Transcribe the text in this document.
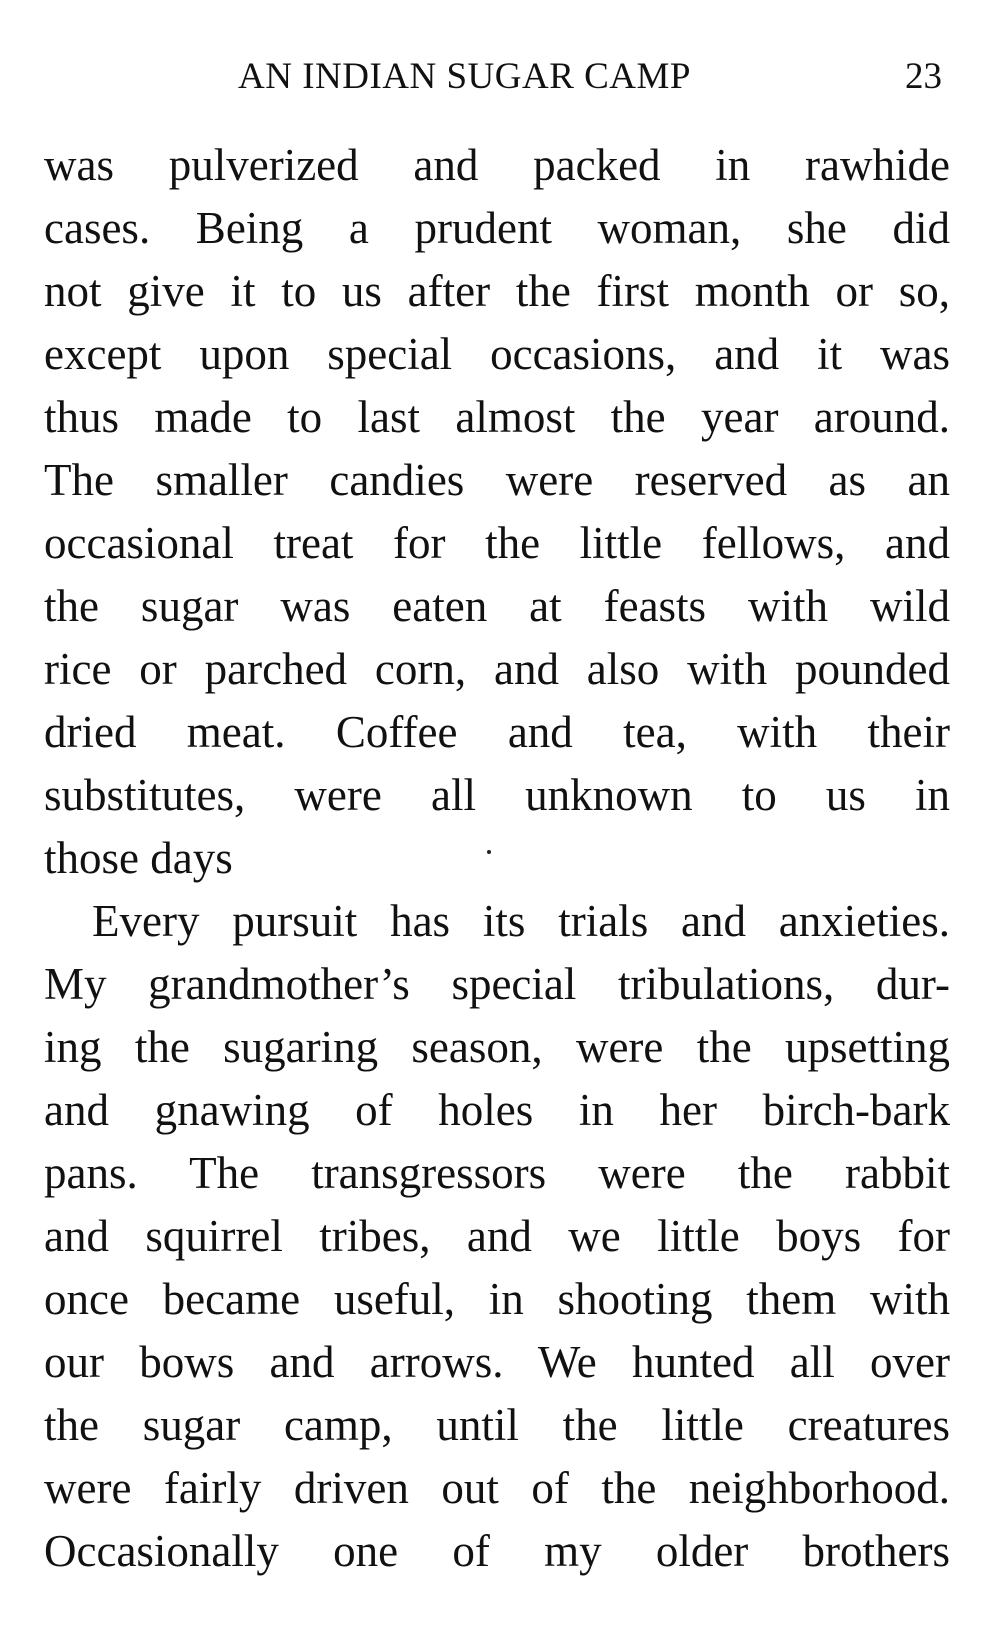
AN INDIAN SUGAR CAMP	23
was pulverized and packed in rawhide
cases. Being a prudent woman, she did
not give it to us after the first month or so,
except upon special occasions, and it was
thus made to last almost the year around.
The smaller candies were reserved as an
occasional treat for the little fellows, and
the sugar was eaten at feasts with wild
rice or parched corn, and also with pounded
dried meat. Coffee and tea, with their
substitutes, were all unknown to us in
those days
Every pursuit has its trials and anxieties.
My grandmother’s special tribulations, dur-
ing the sugaring season, were the upsetting
and gnawing of holes in her birch-bark
pans. The transgressors were the rabbit
and squirrel tribes, and we little boys for
once became useful, in shooting them with
our bows and arrows. We hunted all over
the sugar camp, until the little creatures
were fairly driven out of the neighborhood.
Occasionally one of my older brothers
